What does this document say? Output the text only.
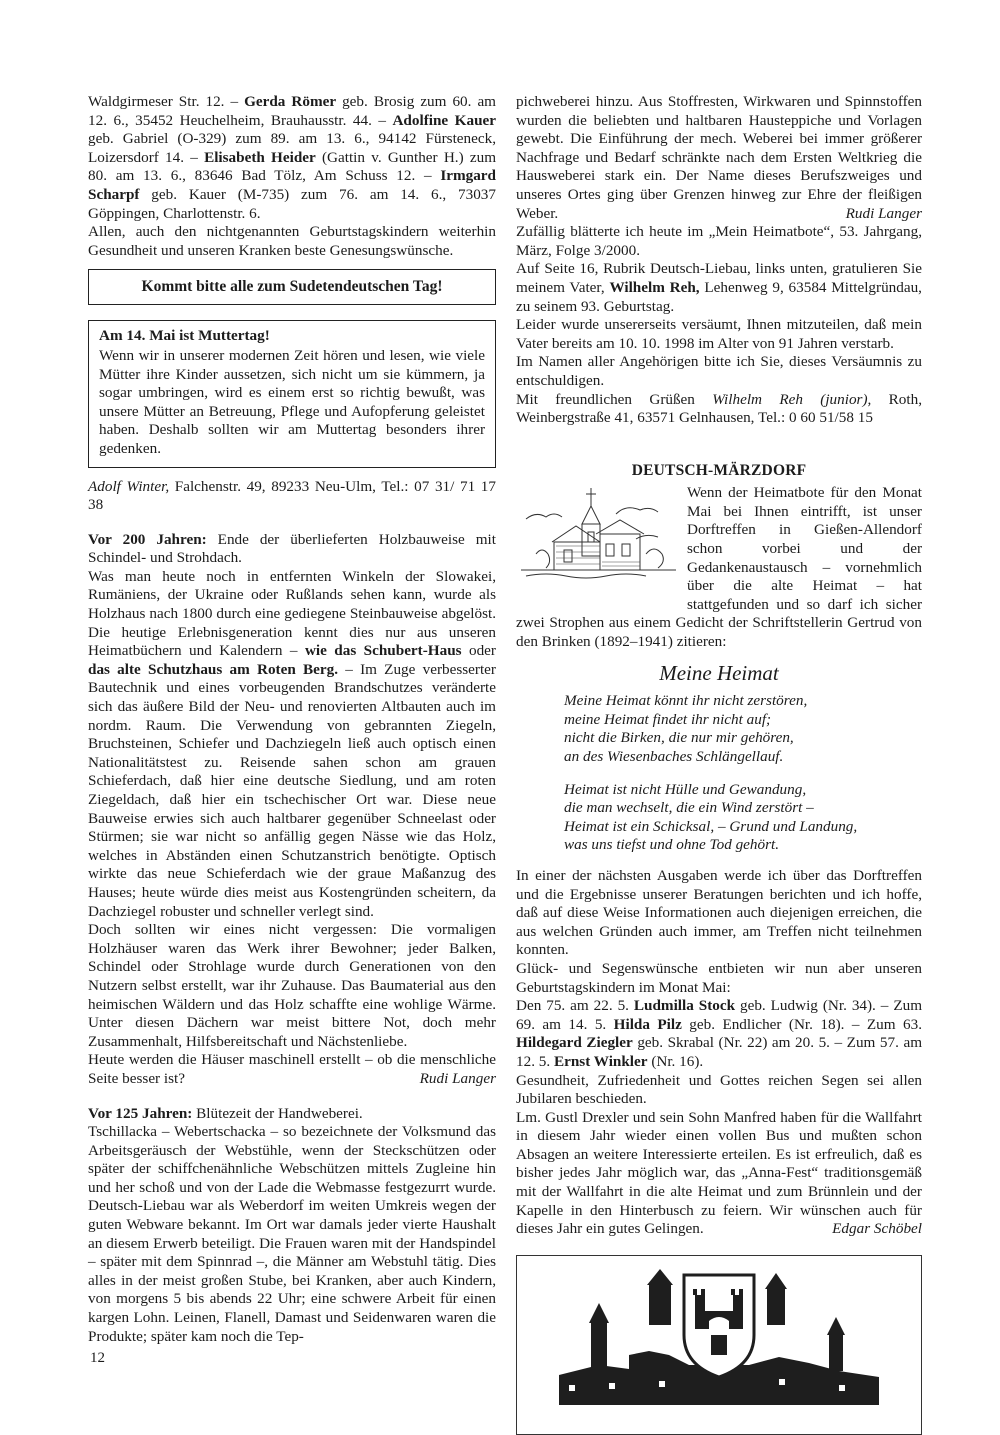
Waldgirmeser Str. 12. – Gerda Römer geb. Brosig zum 60. am 12. 6., 35452 Heuchelheim, Brauhausstr. 44. – Adolfine Kauer geb. Gabriel (O-329) zum 89. am 13. 6., 94142 Fürsteneck, Loizersdorf 14. – Elisabeth Heider (Gattin v. Gunther H.) zum 80. am 13. 6., 83646 Bad Tölz, Am Schuss 12. – Irmgard Scharpf geb. Kauer (M-735) zum 76. am 14. 6., 73037 Göppingen, Charlottenstr. 6.

Allen, auch den nichtgenannten Geburtstagskindern weiterhin Gesundheit und unseren Kranken beste Genesungswünsche.

Kommt bitte alle zum Sudetendeutschen Tag!
Am 14. Mai ist Muttertag!

Wenn wir in unserer modernen Zeit hören und lesen, wie viele Mütter ihre Kinder aussetzen, sich nicht um sie kümmern, ja sogar umbringen, wird es einem erst so richtig bewußt, was unsere Mütter an Betreuung, Pflege und Aufopferung geleistet haben. Deshalb sollten wir am Muttertag besonders ihrer gedenken.

Adolf Winter, Falchenstr. 49, 89233 Neu-Ulm, Tel.: 07 31/ 71 17 38

Vor 200 Jahren: Ende der überlieferten Holzbauweise mit Schindel- und Strohdach.

Was man heute noch in entfernten Winkeln der Slowakei, Rumäniens, der Ukraine oder Rußlands sehen kann, wurde als Holzhaus nach 1800 durch eine gediegene Steinbauweise abgelöst. Die heutige Erlebnisgeneration kennt dies nur aus unseren Heimatbüchern und Kalendern – wie das Schubert-Haus oder das alte Schutzhaus am Roten Berg. – Im Zuge verbesserter Bautechnik und eines vorbeugenden Brandschutzes veränderte sich das äußere Bild der Neu- und renovierten Altbauten auch im nordm. Raum. Die Verwendung von gebrannten Ziegeln, Bruchsteinen, Schiefer und Dachziegeln ließ auch optisch einen Nationalitätstest zu. Reisende sahen schon am grauen Schieferdach, daß hier eine deutsche Siedlung, und am roten Ziegeldach, daß hier ein tschechischer Ort war. Diese neue Bauweise erwies sich auch haltbarer gegenüber Schneelast oder Stürmen; sie war nicht so anfällig gegen Nässe wie das Holz, welches in Abständen einen Schutzanstrich benötigte. Optisch wirkte das neue Schieferdach wie der graue Maßanzug des Hauses; heute würde dies meist aus Kostengründen scheitern, da Dachziegel robuster und schneller verlegt sind.

Doch sollten wir eines nicht vergessen: Die vormaligen Holzhäuser waren das Werk ihrer Bewohner; jeder Balken, Schindel oder Strohlage wurde durch Generationen von den Nutzern selbst erstellt, war ihr Zuhause. Das Baumaterial aus den heimischen Wäldern und das Holz schaffte eine wohlige Wärme. Unter diesen Dächern war meist bittere Not, doch mehr Zusammenhalt, Hilfsbereitschaft und Nächstenliebe.

Heute werden die Häuser maschinell erstellt – ob die menschliche Seite besser ist?	Rudi Langer

Vor 125 Jahren: Blütezeit der Handweberei.

Tschillacka – Webertschacka – so bezeichnete der Volksmund das Arbeitsgeräusch der Webstühle, wenn der Steckschützen oder später der schiffchenähnliche Webschützen mittels Zugleine hin und her schoß und von der Lade die Webmasse festgezurrt wurde. Deutsch-Liebau war als Weberdorf im weiten Umkreis wegen der guten Webware bekannt. Im Ort war damals jeder vierte Haushalt an diesem Erwerb beteiligt. Die Frauen waren mit der Handspindel – später mit dem Spinnrad –, die Männer am Webstuhl tätig. Dies alles in der meist großen Stube, bei Kranken, aber auch Kindern, von morgens 5 bis abends 22 Uhr; eine schwere Arbeit für einen kargen Lohn. Leinen, Flanell, Damast und Seidenwaren waren die Produkte; später kam noch die Tep-

pichweberei hinzu. Aus Stoffresten, Wirkwaren und Spinnstoffen wurden die beliebten und haltbaren Hausteppiche und Vorlagen gewebt. Die Einführung der mech. Weberei bei immer größerer Nachfrage und Bedarf schränkte nach dem Ersten Weltkrieg die Hausweberei stark ein. Der Name dieses Berufszweiges und unseres Ortes ging über Grenzen hinweg zur Ehre der fleißigen Weber.	Rudi Langer

Zufällig blätterte ich heute im „Mein Heimatbote“, 53. Jahrgang, März, Folge 3/2000.

Auf Seite 16, Rubrik Deutsch-Liebau, links unten, gratulieren Sie meinem Vater, Wilhelm Reh, Lehenweg 9, 63584 Mittelgründau, zu seinem 93. Geburtstag.

Leider wurde unsererseits versäumt, Ihnen mitzuteilen, daß mein Vater bereits am 10. 10. 1998 im Alter von 91 Jahren verstarb.

Im Namen aller Angehörigen bitte ich Sie, dieses Versäumnis zu entschuldigen.

Mit freundlichen Grüßen Wilhelm Reh (junior), Roth, Weinbergstraße 41, 63571 Gelnhausen, Tel.: 0 60 51/58 15

DEUTSCH-MÄRZDORF

Wenn der Heimatbote für den Monat Mai bei Ihnen eintrifft, ist unser Dorftreffen in Gießen-Allendorf schon vorbei und der Gedankenaustausch – vornehmlich über die alte Heimat – hat stattgefunden und so darf ich sicher zwei Strophen aus einem Gedicht der Schriftstellerin Gertrud von den Brinken (1892–1941) zitieren:

Meine Heimat
Meine Heimat könnt ihr nicht zerstören,
meine Heimat findet ihr nicht auf;
nicht die Birken, die nur mir gehören,
an des Wiesenbaches Schlängellauf.
Heimat ist nicht Hülle und Gewandung,
die man wechselt, die ein Wind zerstört –
Heimat ist ein Schicksal, – Grund und Landung,
was uns tiefst und ohne Tod gehört.

In einer der nächsten Ausgaben werde ich über das Dorftreffen und die Ergebnisse unserer Beratungen berichten und ich hoffe, daß auf diese Weise Informationen auch diejenigen erreichen, die aus welchen Gründen auch immer, am Treffen nicht teilnehmen konnten.

Glück- und Segenswünsche entbieten wir nun aber unseren Geburtstagskindern im Monat Mai:

Den 75. am 22. 5. Ludmilla Stock geb. Ludwig (Nr. 34). – Zum 69. am 14. 5. Hilda Pilz geb. Endlicher (Nr. 18). – Zum 63. Hildegard Ziegler geb. Skrabal (Nr. 22) am 20. 5. – Zum 57. am 12. 5. Ernst Winkler (Nr. 16).

Gesundheit, Zufriedenheit und Gottes reichen Segen sei allen Jubilaren beschieden.

Lm. Gustl Drexler und sein Sohn Manfred haben für die Wallfahrt in diesem Jahr wieder einen vollen Bus und mußten schon Absagen an weitere Interessierte erteilen. Es ist erfreulich, daß es bisher jedes Jahr möglich war, das „Anna-Fest“ traditionsgemäß mit der Wallfahrt in die alte Heimat und zum Brünnlein und der Kapelle in den Hinterbusch zu feiern. Wir wünschen auch für dieses Jahr ein gutes Gelingen.	Edgar Schöbel

12
